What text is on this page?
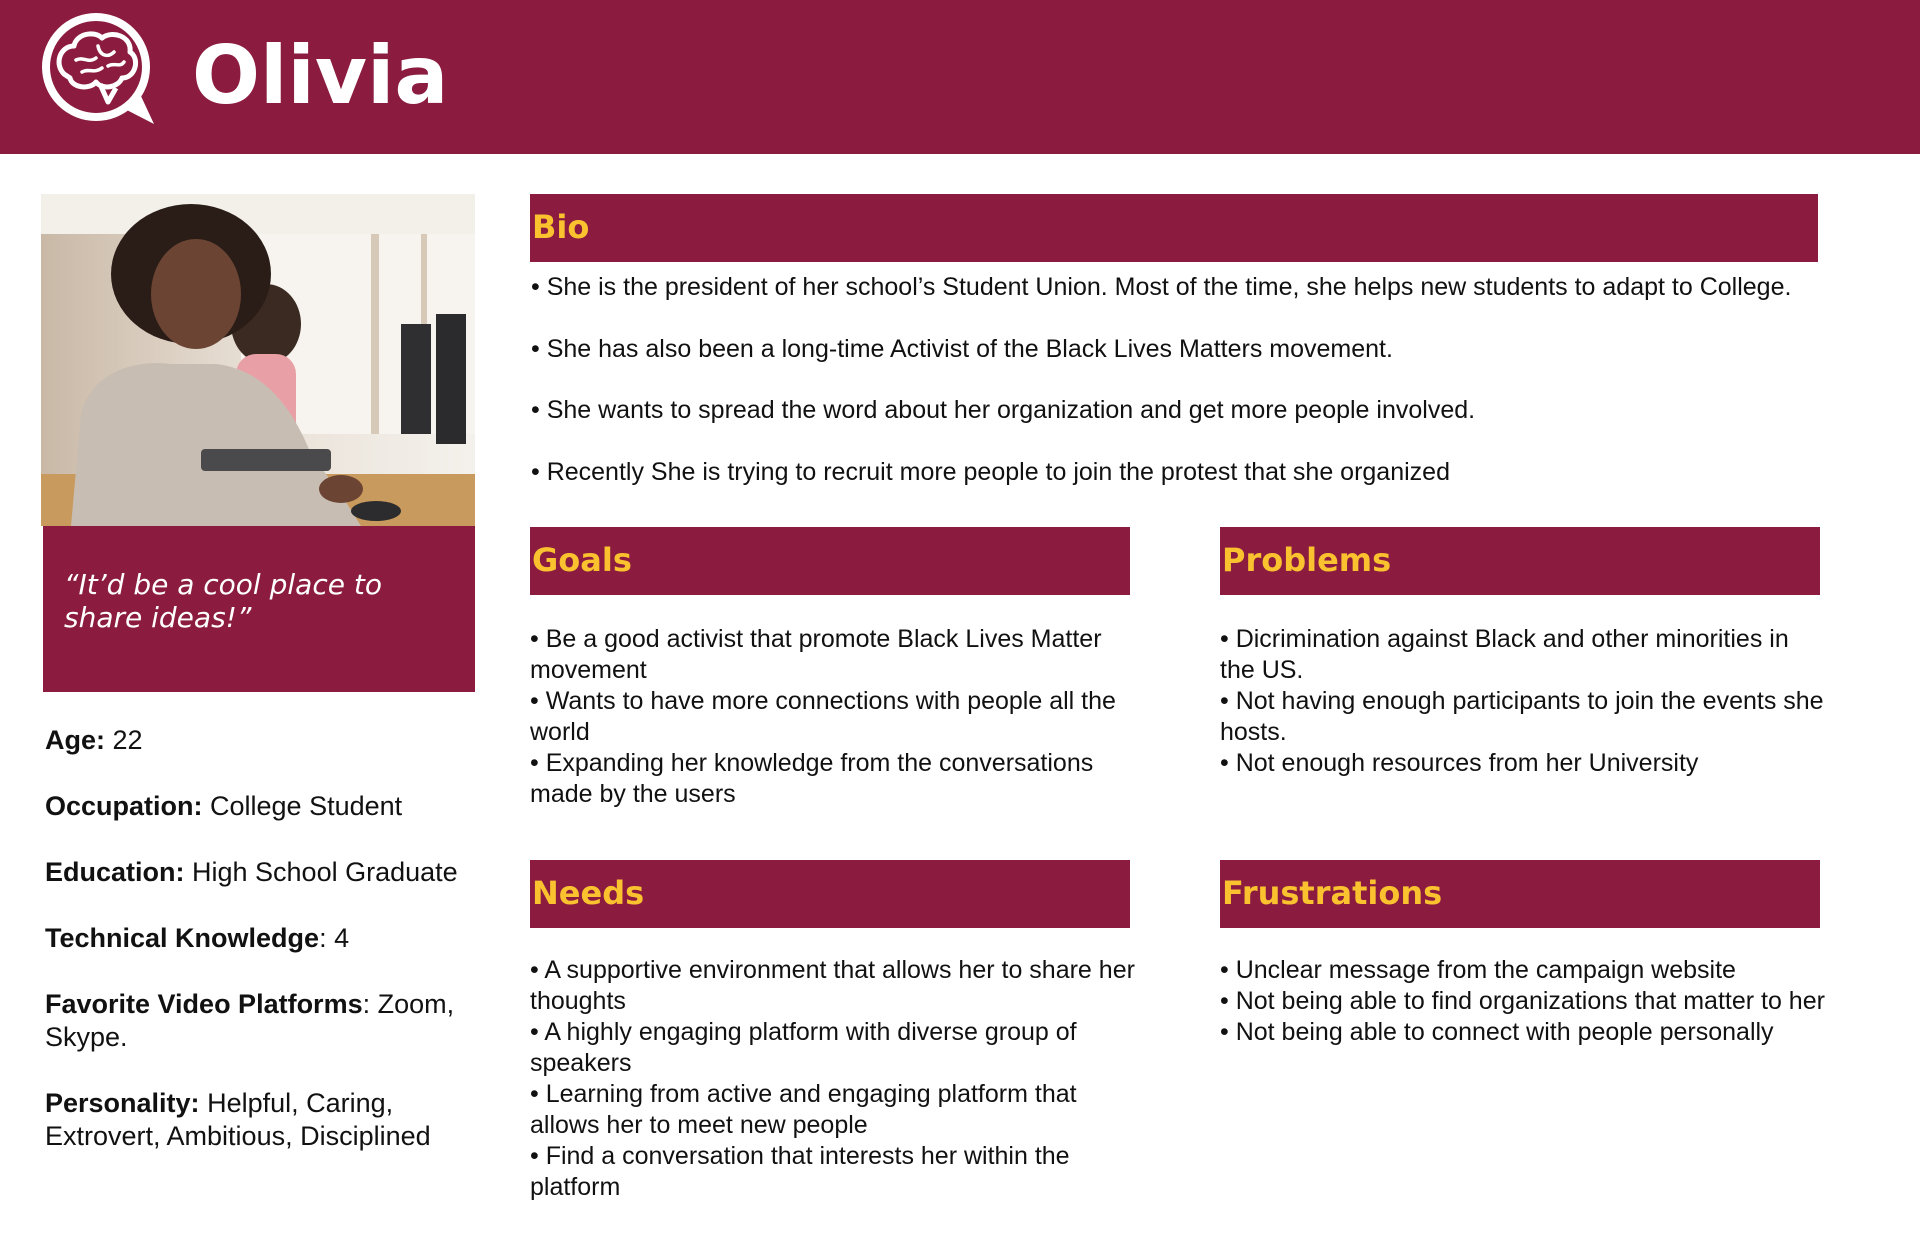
Olivia
“It’d be a cool place to share ideas!”

Age: 22

Occupation: College Student

Education: High School Graduate

Technical Knowledge: 4

Favorite Video Platforms: Zoom, Skype.

Personality: Helpful, Caring, Extrovert, Ambitious, Disciplined

Bio

• She is the president of her school’s Student Union. Most of the time, she helps new students to adapt to College.

• She has also been a long-time Activist of the Black Lives Matters movement.

• She wants to spread the word about her organization and get more people involved.

• Recently She is trying to recruit more people to join the protest that she organized

Goals

• Be a good activist that promote Black Lives Matter movement

• Wants to have more connections with people all the world

• Expanding her knowledge from the conversations made by the users

Problems

• Dicrimination against Black and other minorities in the US.

• Not having enough participants to join the events she hosts.

• Not enough resources from her University

Needs

• A supportive environment that allows her to share her thoughts

• A highly engaging platform with diverse group of speakers

• Learning from active and engaging platform that allows her to meet new people

• Find a conversation that interests her within the platform

Frustrations

• Unclear message from the campaign website

• Not being able to find organizations that matter to her

• Not being able to connect with people personally
